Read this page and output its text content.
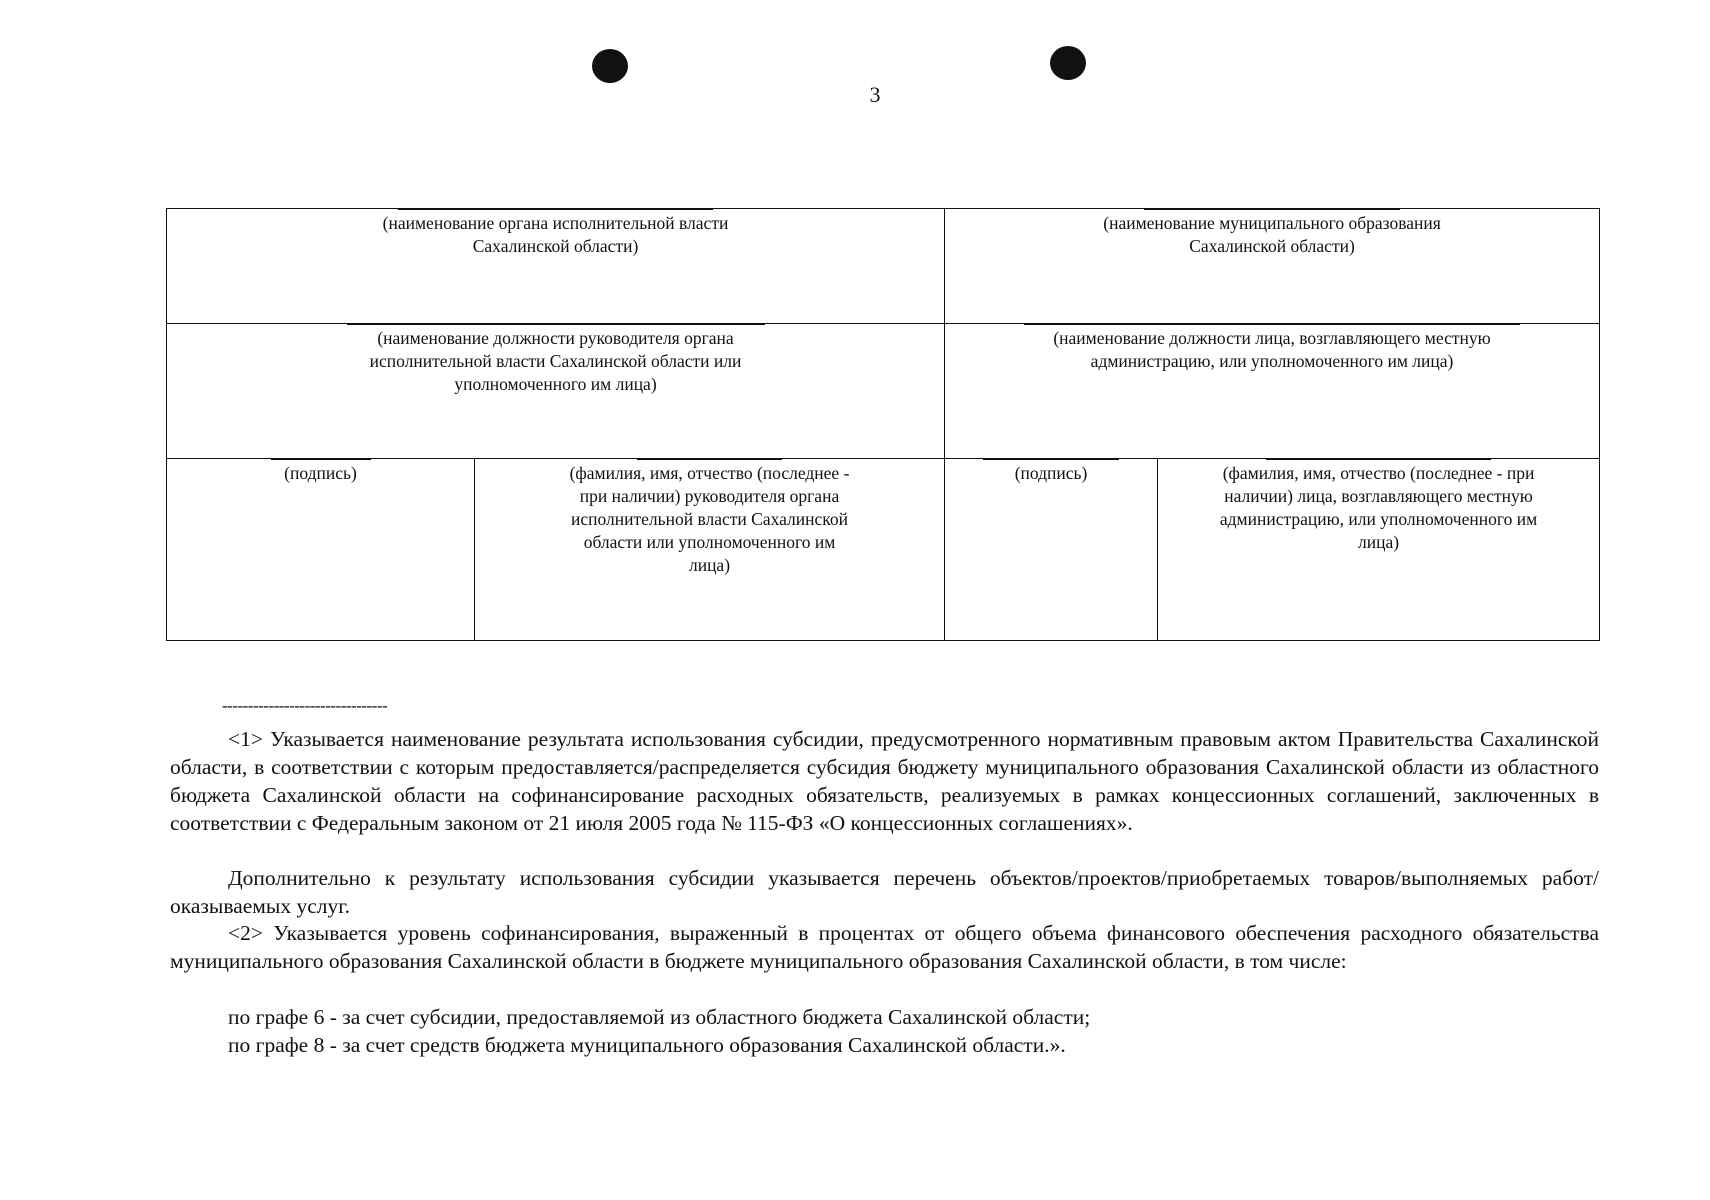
3
(наименование органа исполнительной власти Сахалинской области)		(наименование муниципального образования Сахалинской области)	

(наименование должности руководителя органа исполнительной власти Сахалинской области или уполномоченного им лица)		(наименование должности лица, возглавляющего местную администрацию, или уполномоченного им лица)	

(подпись)	(фамилия, имя, отчество (последнее - при наличии) руководителя органа исполнительной власти Сахалинской области или уполномоченного им лица)	(подпись)	(фамилия, имя, отчество (последнее - при наличии) лица, возглавляющего местную администрацию, или уполномоченного им лица)
--------------------------------

<1> Указывается наименование результата использования субсидии, предусмотренного нормативным правовым актом Правительства Сахалинской области, в соответствии с которым предоставляется/распределяется субсидия бюджету муниципального образования Сахалинской области из областного бюджета Сахалинской области на софинансирование расходных обязательств, реализуемых в рамках концессионных соглашений, заключенных в соответствии с Федеральным законом от 21 июля 2005 года № 115-ФЗ «О концессионных соглашениях».

Дополнительно к результату использования субсидии указывается перечень объектов/проектов/приобретаемых товаров/выполняемых работ/оказываемых услуг.

<2> Указывается уровень софинансирования, выраженный в процентах от общего объема финансового обеспечения расходного обязательства муниципального образования Сахалинской области в бюджете муниципального образования Сахалинской области, в том числе:

по графе 6 - за счет субсидии, предоставляемой из областного бюджета Сахалинской области;

по графе 8 - за счет средств бюджета муниципального образования Сахалинской области.».
